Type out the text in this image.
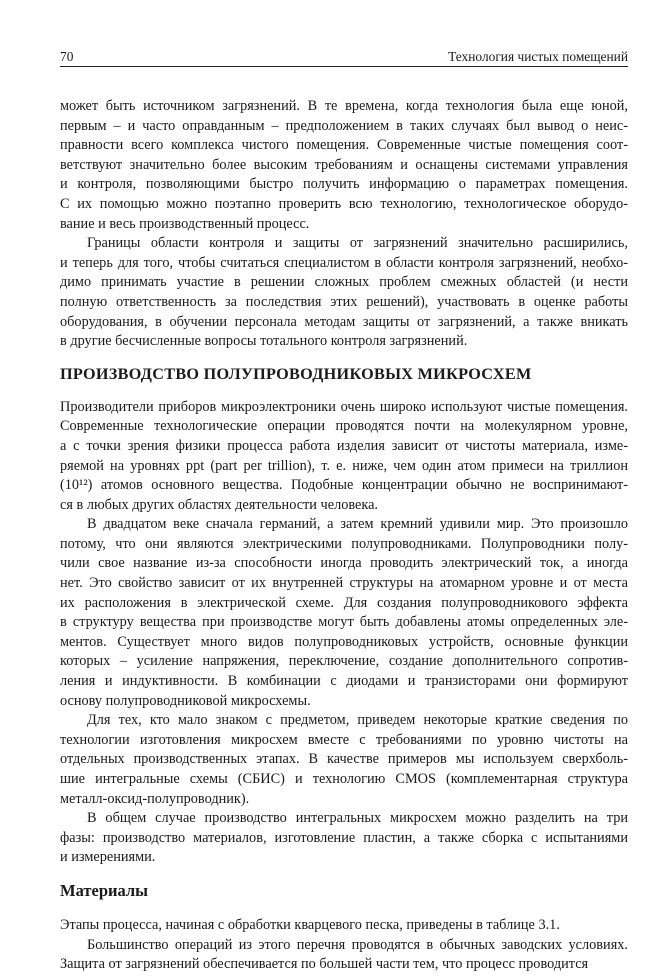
70	Технология чистых помещений
может быть источником загрязнений. В те времена, когда технология была еще юной,
первым – и часто оправданным – предположением в таких случаях был вывод о неис-
правности всего комплекса чистого помещения. Современные чистые помещения соот-
ветствуют значительно более высоким требованиям и оснащены системами управления
и контроля, позволяющими быстро получить информацию о параметрах помещения.
С их помощью можно поэтапно проверить всю технологию, технологическое оборудо-
вание и весь производственный процесс.
Границы области контроля и защиты от загрязнений значительно расширились,
и теперь для того, чтобы считаться специалистом в области контроля загрязнений, необхо-
димо принимать участие в решении сложных проблем смежных областей (и нести
полную ответственность за последствия этих решений), участвовать в оценке работы
оборудования, в обучении персонала методам защиты от загрязнений, а также вникать
в другие бесчисленные вопросы тотального контроля загрязнений.
ПРОИЗВОДСТВО ПОЛУПРОВОДНИКОВЫХ МИКРОСХЕМ
Производители приборов микроэлектроники очень широко используют чистые помещения.
Современные технологические операции проводятся почти на молекулярном уровне,
а с точки зрения физики процесса работа изделия зависит от чистоты материала, изме-
ряемой на уровнях ppt (part per trillion), т. е. ниже, чем один атом примеси на триллион
(10¹²) атомов основного вещества. Подобные концентрации обычно не воспринимают-
ся в любых других областях деятельности человека.
В двадцатом веке сначала германий, а затем кремний удивили мир. Это произошло
потому, что они являются электрическими полупроводниками. Полупроводники полу-
чили свое название из-за способности иногда проводить электрический ток, а иногда
нет. Это свойство зависит от их внутренней структуры на атомарном уровне и от места
их расположения в электрической схеме. Для создания полупроводникового эффекта
в структуру вещества при производстве могут быть добавлены атомы определенных эле-
ментов. Существует много видов полупроводниковых устройств, основные функции
которых – усиление напряжения, переключение, создание дополнительного сопротив-
ления и индуктивности. В комбинации с диодами и транзисторами они формируют
основу полупроводниковой микросхемы.
Для тех, кто мало знаком с предметом, приведем некоторые краткие сведения по
технологии изготовления микросхем вместе с требованиями по уровню чистоты на
отдельных производственных этапах. В качестве примеров мы используем сверхболь-
шие интегральные схемы (СБИС) и технологию CMOS (комплементарная структура
металл-оксид-полупроводник).
В общем случае производство интегральных микросхем можно разделить на три
фазы: производство материалов, изготовление пластин, а также сборка с испытаниями
и измерениями.
Материалы
Этапы процесса, начиная с обработки кварцевого песка, приведены в таблице 3.1.
Большинство операций из этого перечня проводятся в обычных заводских условиях.
Защита от загрязнений обеспечивается по большей части тем, что процесс проводится
